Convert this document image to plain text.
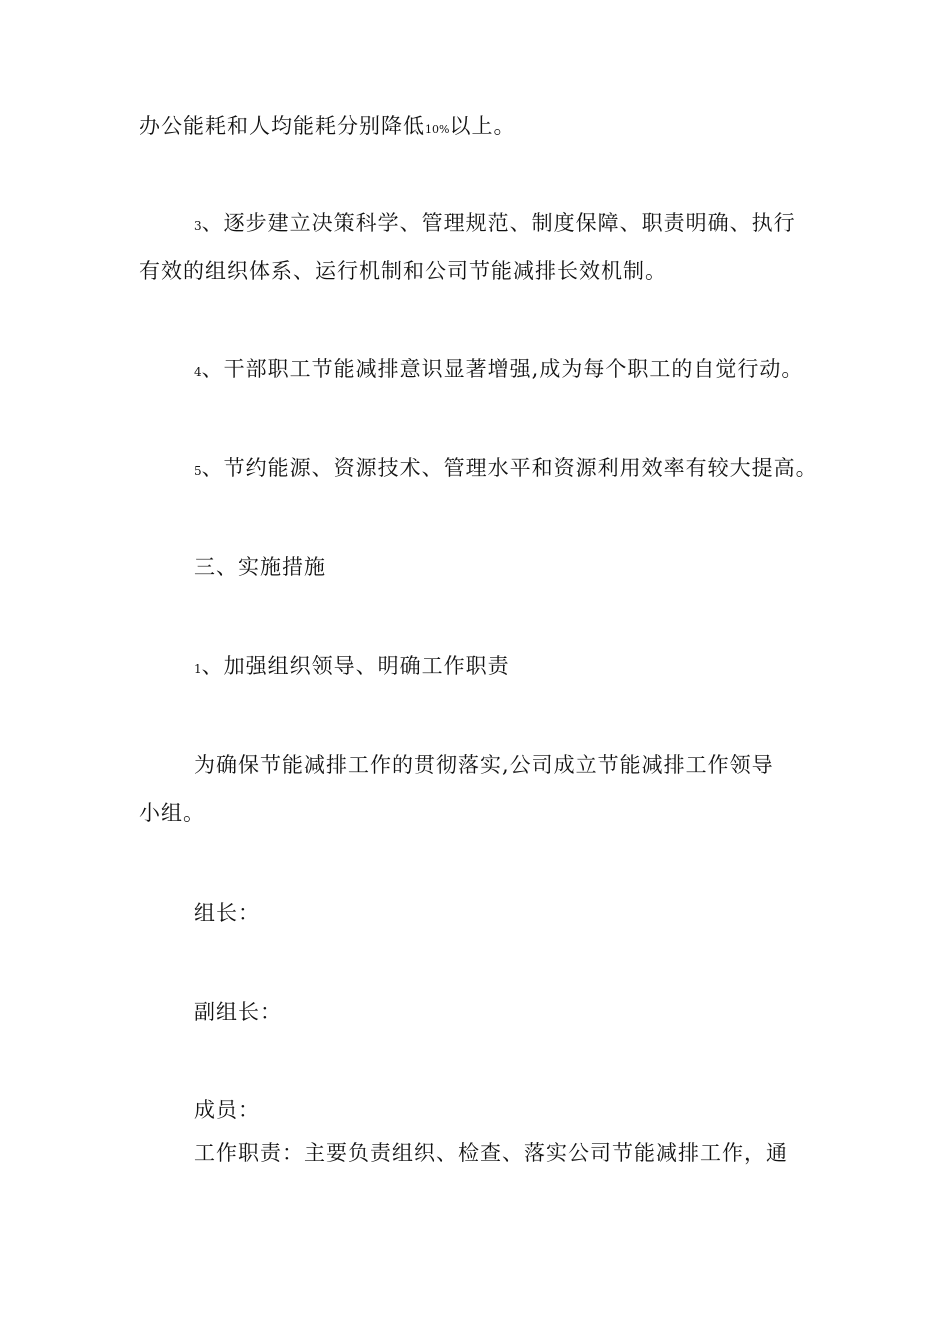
办公能耗和人均能耗分别降低10%以上。
3、逐步建立决策科学、管理规范、制度保障、职责明确、执行
有效的组织体系、运行机制和公司节能减排长效机制。
4、干部职工节能减排意识显著增强,成为每个职工的自觉行动。
5、节约能源、资源技术、管理水平和资源利用效率有较大提高。
三、实施措施
1、加强组织领导、明确工作职责
为确保节能减排工作的贯彻落实,公司成立节能减排工作领导
小组。
组长：
副组长：
成员：
工作职责：主要负责组织、检查、落实公司节能减排工作，通
